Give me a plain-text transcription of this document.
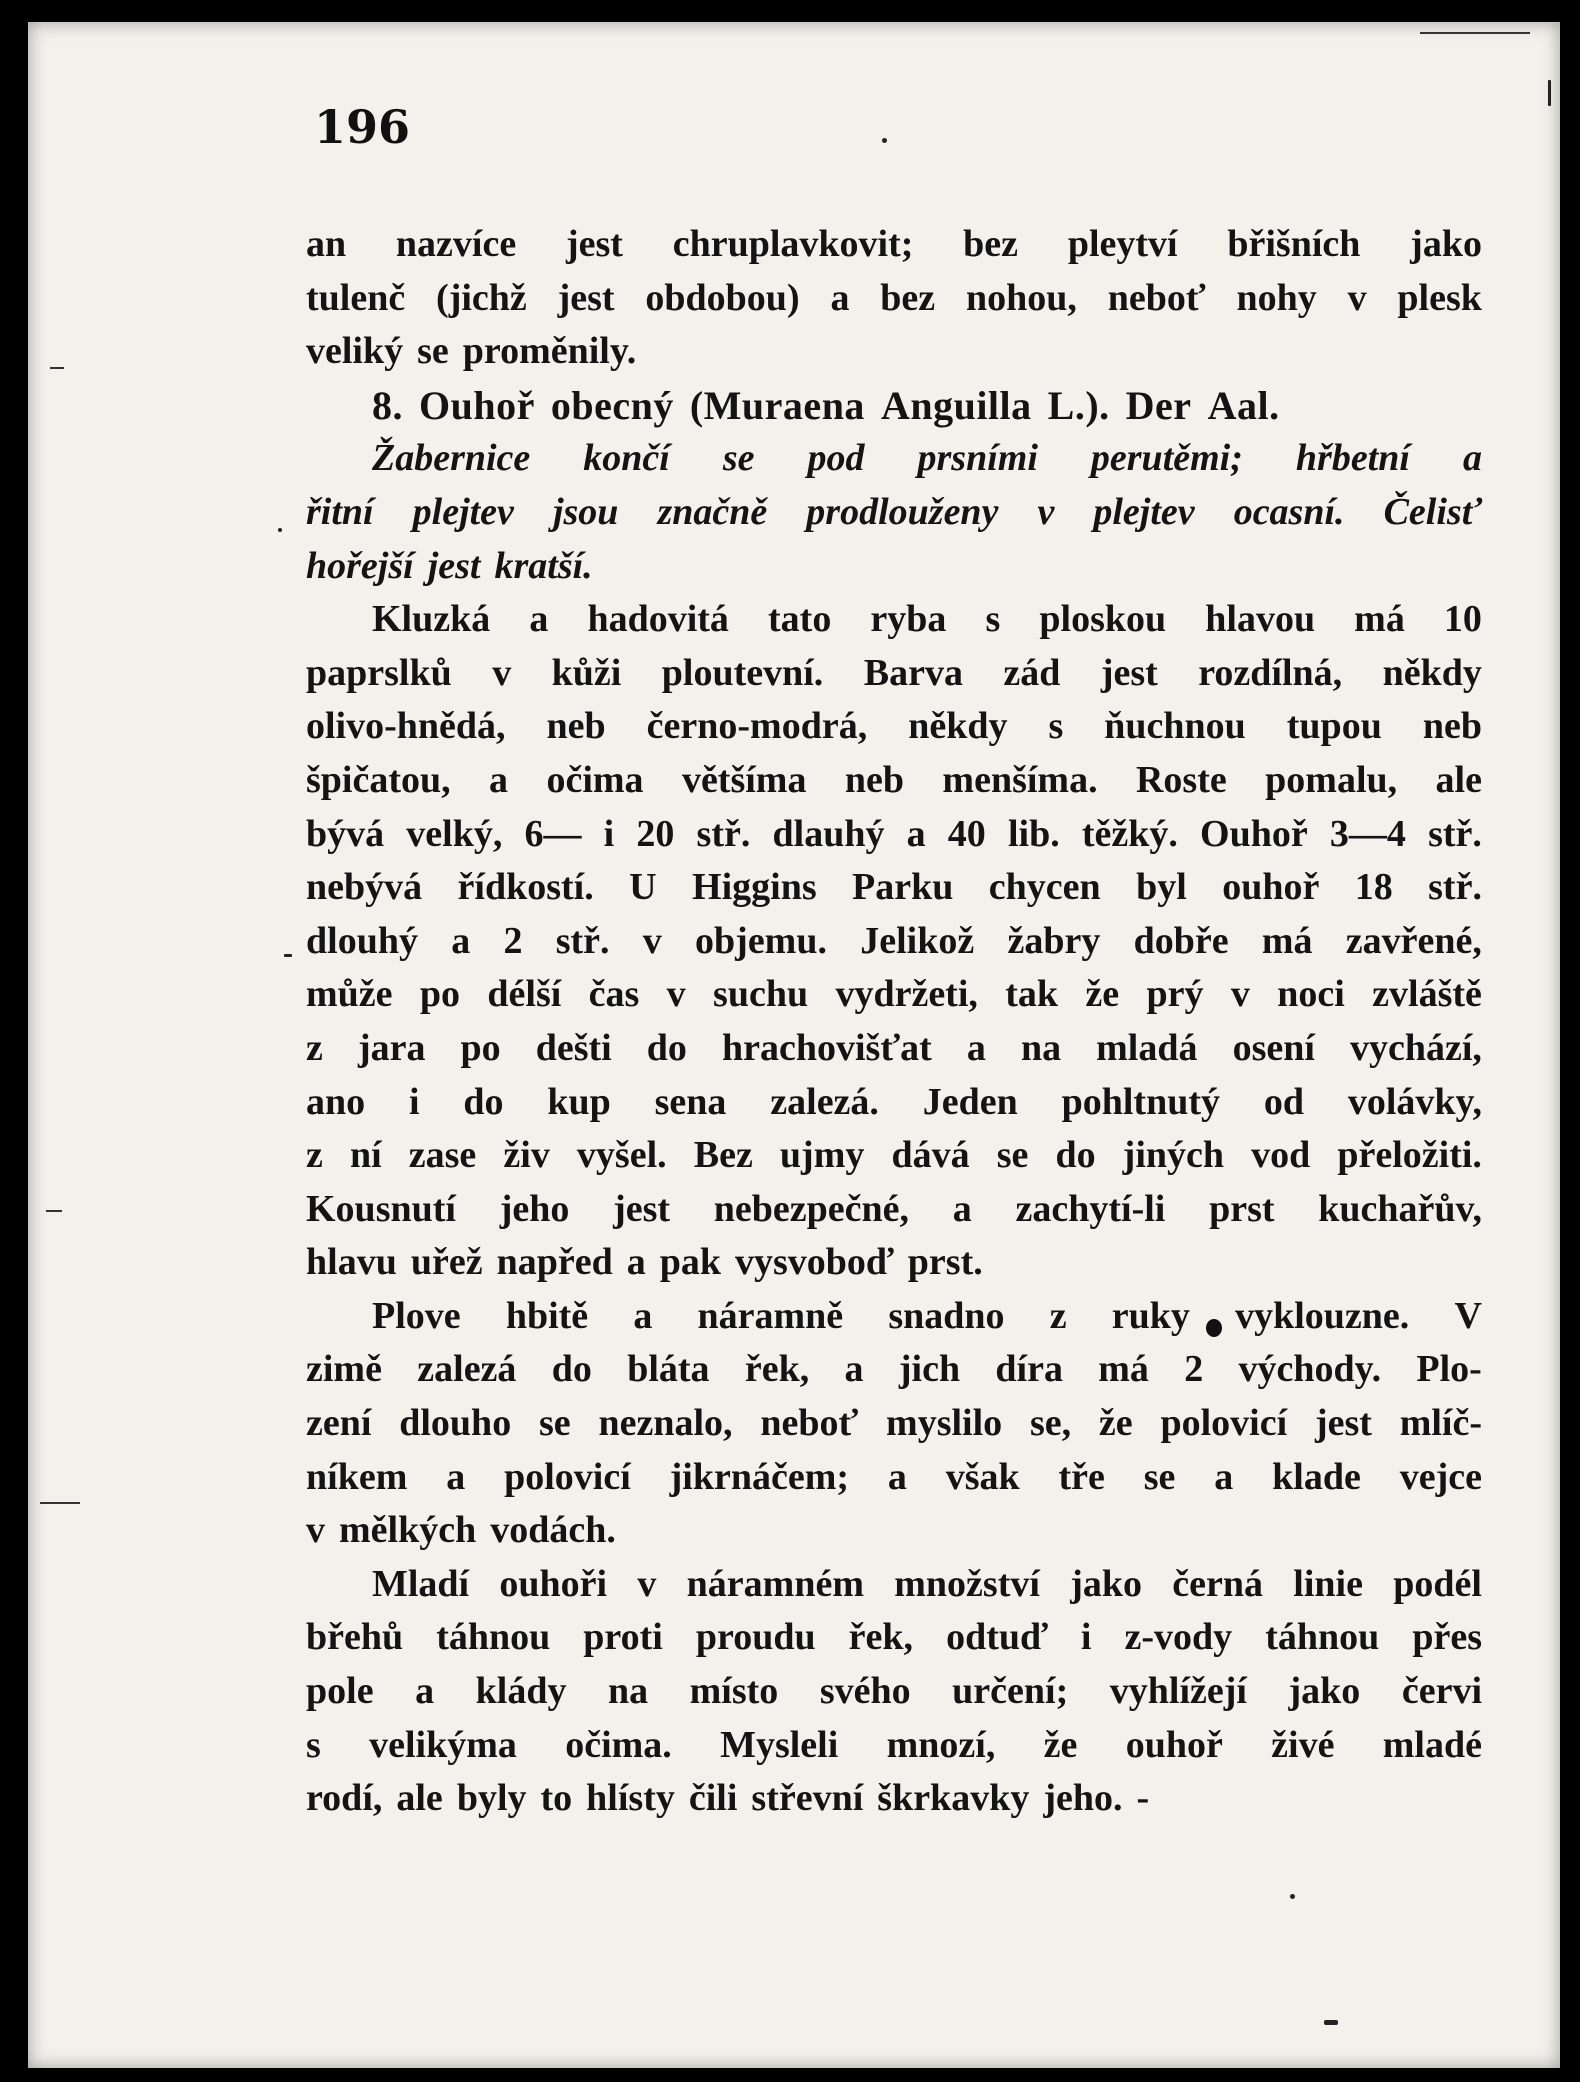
196
an nazvíce jest chruplavkovit; bez pleytví břišních jako
tulenč (jichž jest obdobou) a bez nohou, neboť nohy v plesk
veliký se proměnily.
8. Ouhoř obecný (Muraena Anguilla L.). Der Aal.
Žabernice končí se pod prsními perutěmi; hřbetní a
řitní plejtev jsou značně prodlouženy v plejtev ocasní. Čelisť
hořejší jest kratší.
Kluzká a hadovitá tato ryba s ploskou hlavou má 10
paprslků v kůži ploutevní. Barva zád jest rozdílná, někdy
olivo-hnědá, neb černo-modrá, někdy s ňuchnou tupou neb
špičatou, a očima většíma neb menšíma. Roste pomalu, ale
bývá velký, 6— i 20 stř. dlauhý a 40 lib. těžký. Ouhoř 3—4 stř.
nebývá řídkostí. U Higgins Parku chycen byl ouhoř 18 stř.
dlouhý a 2 stř. v objemu. Jelikož žabry dobře má zavřené,
může po délší čas v suchu vydržeti, tak že prý v noci zvláště
z jara po dešti do hrachovišťat a na mladá osení vychází,
ano i do kup sena zalezá. Jeden pohltnutý od volávky,
z ní zase živ vyšel. Bez ujmy dává se do jiných vod přeložiti.
Kousnutí jeho jest nebezpečné, a zachytí-li prst kuchařův,
hlavu uřež napřed a pak vysvoboď prst.
Plove hbitě a náramně snadno z ruky vyklouzne. V
zimě zalezá do bláta řek, a jich díra má 2 východy. Plo-
zení dlouho se neznalo, neboť myslilo se, že polovicí jest mlíč-
níkem a polovicí jikrnáčem; a však tře se a klade vejce
v mělkých vodách.
Mladí ouhoři v náramném množství jako černá linie podél
břehů táhnou proti proudu řek, odtuď i z-vody táhnou přes
pole a klády na místo svého určení; vyhlížejí jako červi
s velikýma očima. Mysleli mnozí, že ouhoř živé mladé
rodí, ale byly to hlísty čili střevní škrkavky jeho. -
